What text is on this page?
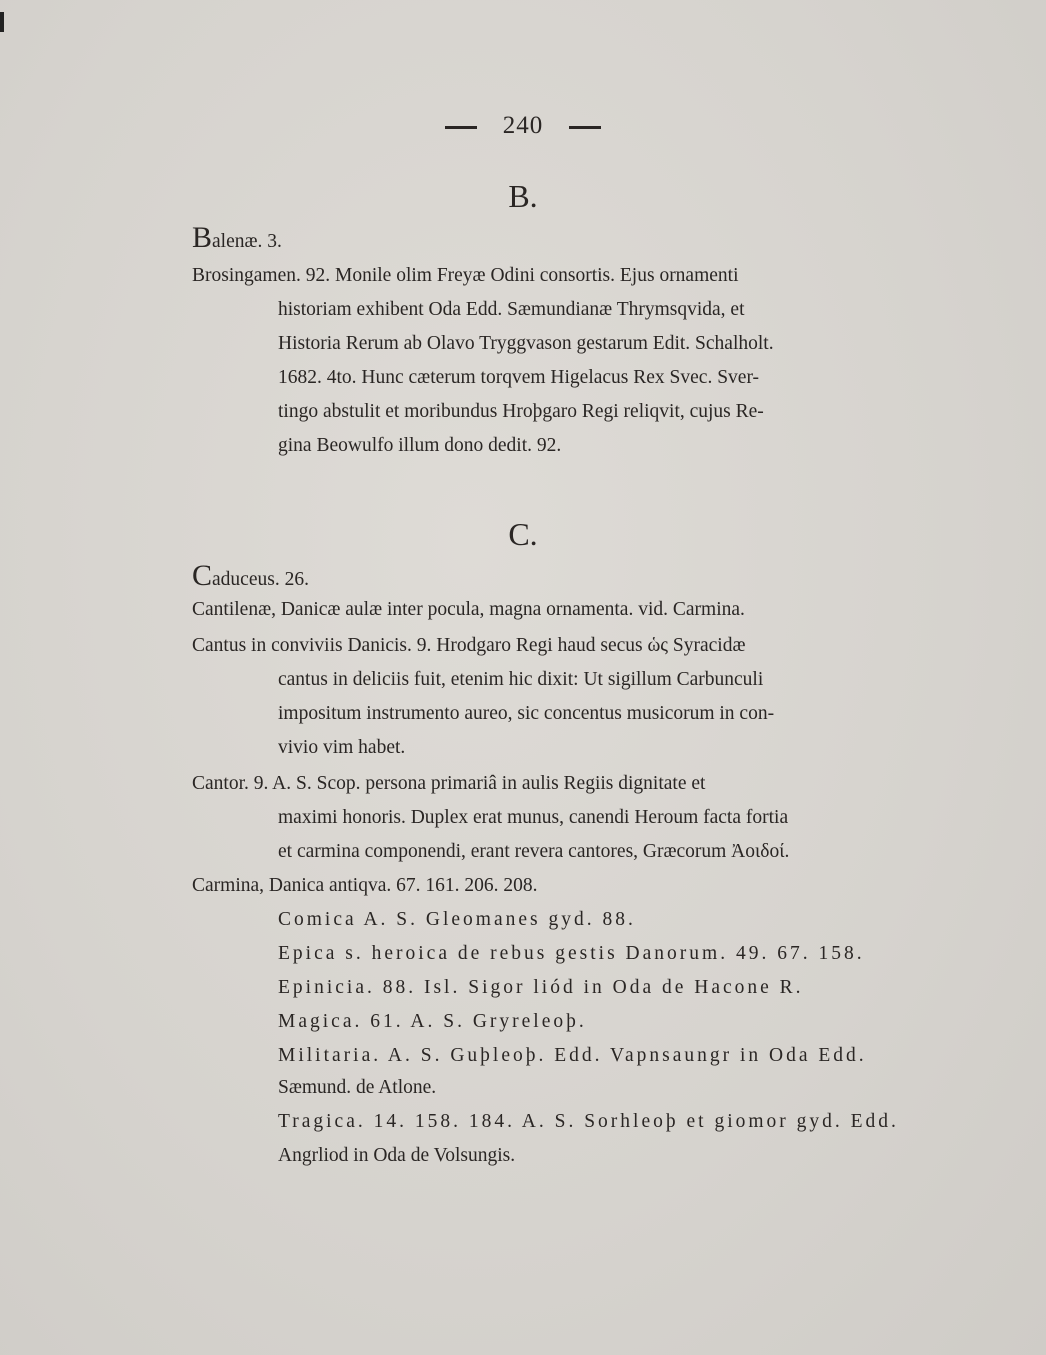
240
B.
Balenæ. 3.
Brosingamen. 92. Monile olim Freyæ Odini consortis. Ejus ornamenti
historiam exhibent Oda Edd. Sæmundianæ Thrymsqvida, et
Historia Rerum ab Olavo Tryggvason gestarum Edit. Schalholt.
1682. 4to. Hunc cæterum torqvem Higelacus Rex Svec. Sver-
tingo abstulit et moribundus Hroþgaro Regi reliqvit, cujus Re-
gina Beowulfo illum dono dedit. 92.
C.
Caduceus. 26.
Cantilenæ, Danicæ aulæ inter pocula, magna ornamenta. vid. Carmina.
Cantus in conviviis Danicis. 9. Hrodgaro Regi haud secus ὡς Syracidæ
cantus in deliciis fuit, etenim hic dixit: Ut sigillum Carbunculi
impositum instrumento aureo, sic concentus musicorum in con-
vivio vim habet.
Cantor. 9. A. S. Scop. persona primariâ in aulis Regiis dignitate et
maximi honoris. Duplex erat munus, canendi Heroum facta fortia
et carmina componendi, erant revera cantores, Græcorum Ἀοιδοί.
Carmina, Danica antiqva. 67. 161. 206. 208.
Comica A. S. Gleomanes gyd. 88.
Epica s. heroica de rebus gestis Danorum. 49. 67. 158.
Epinicia. 88. Isl. Sigor liód in Oda de Hacone R.
Magica. 61. A. S. Gryreleoþ.
Militaria. A. S. Guþleoþ. Edd. Vapnsaungr in Oda Edd.
Sæmund. de Atlone.
Tragica. 14. 158. 184. A. S. Sorhleoþ et giomor gyd. Edd.
Angrliod in Oda de Volsungis.
